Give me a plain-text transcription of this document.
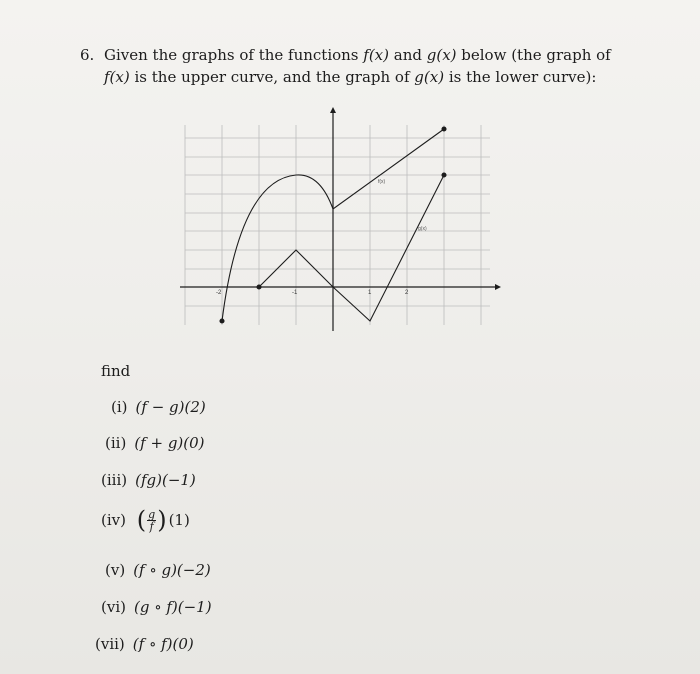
6. Given the graphs of the functions f(x) and g(x) below (the graph of
f(x) is the upper curve, and the graph of g(x) is the lower curve):
-2	-1	1	2
f(x)
g(x)
find
(i) (f − g)(2)
(ii) (f + g)(0)
(iii) (fg)(−1)
(iv) ( $\frac{g}{f}$ ) (1)
(v) (f ∘ g)(−2)
(vi) (g ∘ f)(−1)
(vii) (f ∘ f)(0)
